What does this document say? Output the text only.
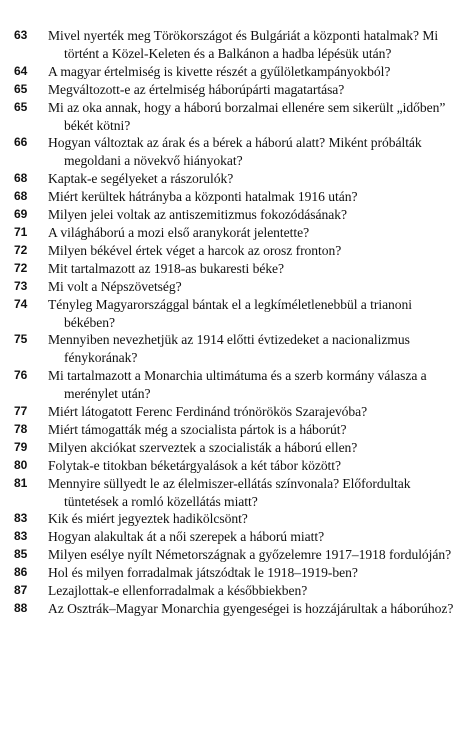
63	Mivel nyerték meg Törökországot és Bulgáriát a központi hatalmak? Mi történt a Közel-Keleten és a Balkánon a hadba lépésük után?
64	A magyar értelmiség is kivette részét a gyűlöletkampányokból?
65	Megváltozott-e az értelmiség háborúpárti magatartása?
65	Mi az oka annak, hogy a háború borzalmai ellenére sem sikerült „időben” békét kötni?
66	Hogyan változtak az árak és a bérek a háború alatt? Miként próbálták megoldani a növekvő hiányokat?
68	Kaptak-e segélyeket a rászorulók?
68	Miért kerültek hátrányba a központi hatalmak 1916 után?
69	Milyen jelei voltak az antiszemitizmus fokozódásának?
71	A világháború a mozi első aranykorát jelentette?
72	Milyen békével értek véget a harcok az orosz fronton?
72	Mit tartalmazott az 1918-as bukaresti béke?
73	Mi volt a Népszövetség?
74	Tényleg Magyarországgal bántak el a legkíméletlenebbül a trianoni békében?
75	Mennyiben nevezhetjük az 1914 előtti évtizedeket a nacionalizmus fénykorának?
76	Mi tartalmazott a Monarchia ultimátuma és a szerb kormány válasza a merénylet után?
77	Miért látogatott Ferenc Ferdinánd trónörökös Szarajevóba?
78	Miért támogatták még a szocialista pártok is a háborút?
79	Milyen akciókat szerveztek a szocialisták a háború ellen?
80	Folytak-e titokban béketárgyalások a két tábor között?
81	Mennyire süllyedt le az élelmiszer-ellátás színvonala? Előfordultak tüntetések a romló közellátás miatt?
83	Kik és miért jegyeztek hadikölcsönt?
83	Hogyan alakultak át a női szerepek a háború miatt?
85	Milyen esélye nyílt Németországnak a győzelemre 1917–1918 fordulóján?
86	Hol és milyen forradalmak játszódtak le 1918–1919-ben?
87	Lezajlottak-e ellenforradalmak a későbbiekben?
88	Az Osztrák–Magyar Monarchia gyengeségei is hozzájárultak a háborúhoz?
